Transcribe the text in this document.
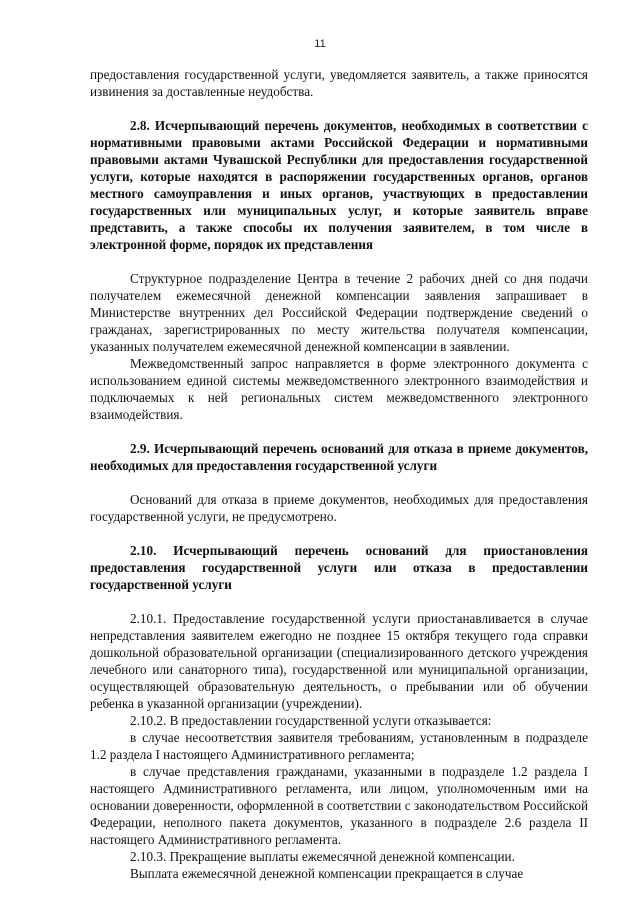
11

предоставления государственной услуги, уведомляется заявитель, а также приносятся извинения за доставленные неудобства.

2.8. Исчерпывающий перечень документов, необходимых в соответствии с нормативными правовыми актами Российской Федерации и нормативными правовыми актами Чувашской Республики для предоставления государственной услуги, которые находятся в распоряжении государственных органов, органов местного самоуправления и иных органов, участвующих в предоставлении государственных или муниципальных услуг, и которые заявитель вправе представить, а также способы их получения заявителем, в том числе в электронной форме, порядок их представления

Структурное подразделение Центра в течение 2 рабочих дней со дня подачи получателем ежемесячной денежной компенсации заявления запрашивает в Министерстве внутренних дел Российской Федерации подтверждение сведений о гражданах, зарегистрированных по месту жительства получателя компенсации, указанных получателем ежемесячной денежной компенсации в заявлении.

Межведомственный запрос направляется в форме электронного документа с использованием единой системы межведомственного электронного взаимодействия и подключаемых к ней региональных систем межведомственного электронного взаимодействия.

2.9. Исчерпывающий перечень оснований для отказа в приеме документов, необходимых для предоставления государственной услуги

Оснований для отказа в приеме документов, необходимых для предоставления государственной услуги, не предусмотрено.

2.10. Исчерпывающий перечень оснований для приостановления предоставления государственной услуги или отказа в предоставлении государственной услуги

2.10.1. Предоставление государственной услуги приостанавливается в случае непредставления заявителем ежегодно не позднее 15 октября текущего года справки дошкольной образовательной организации (специализированного детского учреждения лечебного или санаторного типа), государственной или муниципальной организации, осуществляющей образовательную деятельность, о пребывании или об обучении ребенка в указанной организации (учреждении).

2.10.2. В предоставлении государственной услуги отказывается:

в случае несоответствия заявителя требованиям, установленным в подразделе 1.2 раздела I настоящего Административного регламента;

в случае представления гражданами, указанными в подразделе 1.2 раздела I настоящего Административного регламента, или лицом, уполномоченным ими на основании доверенности, оформленной в соответствии с законодательством Российской Федерации, неполного пакета документов, указанного в подразделе 2.6 раздела II настоящего Административного регламента.

2.10.3. Прекращение выплаты ежемесячной денежной компенсации.

Выплата ежемесячной денежной компенсации прекращается в случае
